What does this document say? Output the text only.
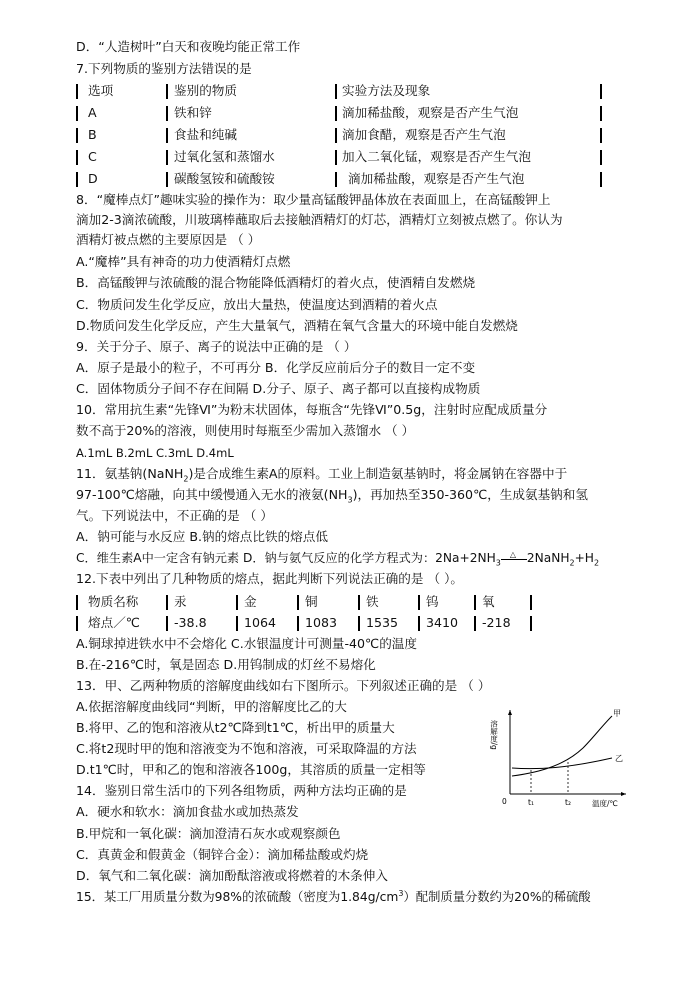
D．“人造树叶”白天和夜晚均能正常工作
7.下列物质的鉴别方法错误的是
选项	鉴别的物质	实验方法及现象
A	铁和锌	滴加稀盐酸，观察是否产生气泡
B	食盐和纯碱	滴加食醋，观察是否产生气泡
C	过氧化氢和蒸馏水	加入二氧化锰，观察是否产生气泡
D	碳酸氢铵和硫酸铵	滴加稀盐酸，观察是否产生气泡
8．“魔棒点灯”趣味实验的操作为：取少量高锰酸钾晶体放在表面皿上，在高锰酸钾上
滴加2-3滴浓硫酸，川玻璃棒蘸取后去接触酒精灯的灯芯，酒精灯立刻被点燃了。你认为
酒精灯被点燃的主要原因是 （ ）
A.“魔棒”具有神奇的功力使酒精灯点燃
B．高锰酸钾与浓硫酸的混合物能降低酒精灯的着火点，使酒精自发燃烧
C．物质问发生化学反应，放出大量热，使温度达到酒精的着火点
D.物质问发生化学反应，产生大量氧气，酒精在氧气含量大的环境中能自发燃烧
9．关于分子、原子、离子的说法中正确的是 （ ）
A．原子是最小的粒子，不可再分 B．化学反应前后分子的数目一定不变
C．固体物质分子间不存在间隔 D.分子、原子、离子都可以直接构成物质
10．常用抗生素“先锋Ⅵ”为粉末状固体，每瓶含“先锋Ⅵ”0.5g，注射时应配成质量分
数不高于20%的溶液，则使用时每瓶至少需加入蒸馏水 （ ）
A.1mL B.2mL C.3mL D.4mL
11．氨基钠(NaNH$_2$)是合成维生素A的原料。工业上制造氨基钠时，将金属钠在容器中于
97-100℃熔融，向其中缓慢通入无水的液氨$(NH_3)$，再加热至350-360℃，生成氨基钠和氢
气。下列说法中，不正确的是 （ ）
A．钠可能与水反应 B.钠的熔点比铁的熔点低
C．维生素A中一定含有钠元素 D．钠与氨气反应的化学方程式为：$2Na+2NH_3$
△ $2NaNH_2+H_2$
12.下表中列出了几种物质的熔点，据此判断下列说法正确的是 （ ）。
物质名称	汞	金	铜	铁	钨	氧
熔点／℃	-38.8	1064 1083 1535 3410 -218
A.铜球掉进铁水中不会熔化 C.水银温度计可测量-40℃的温度
B.在-216℃时，氧是固态 D.用钨制成的灯丝不易熔化
13．甲、乙两种物质的溶解度曲线如右下图所示。下列叙述正确的是 （ ）
A.依据溶解度曲线同“判断，甲的溶解度比乙的大
B.将甲、乙的饱和溶液从t2℃降到t1℃，析出甲的质量大
C.将t2现时甲的饱和溶液变为不饱和溶液，可采取降温的方法
D.t1℃时，甲和乙的饱和溶液各100g，其溶质的质量一定相等
溶解度/g
甲
乙
0	t₁	t₂	温度/℃
14．鉴别日常生活巾的下列各组物质，两种方法均正确的是
A．硬水和软水：滴加食盐水或加热蒸发
B.甲烷和一氧化碳：滴加澄清石灰水或观察颜色
C．真黄金和假黄金（铜锌合金）：滴加稀盐酸或灼烧
D．氧气和二氧化碳：滴加酚酞溶液或将燃着的木条伸入
15．某工厂用质量分数为98%的浓硫酸（密度为$1.84g/cm^3$）配制质量分数约为20%的稀硫酸
